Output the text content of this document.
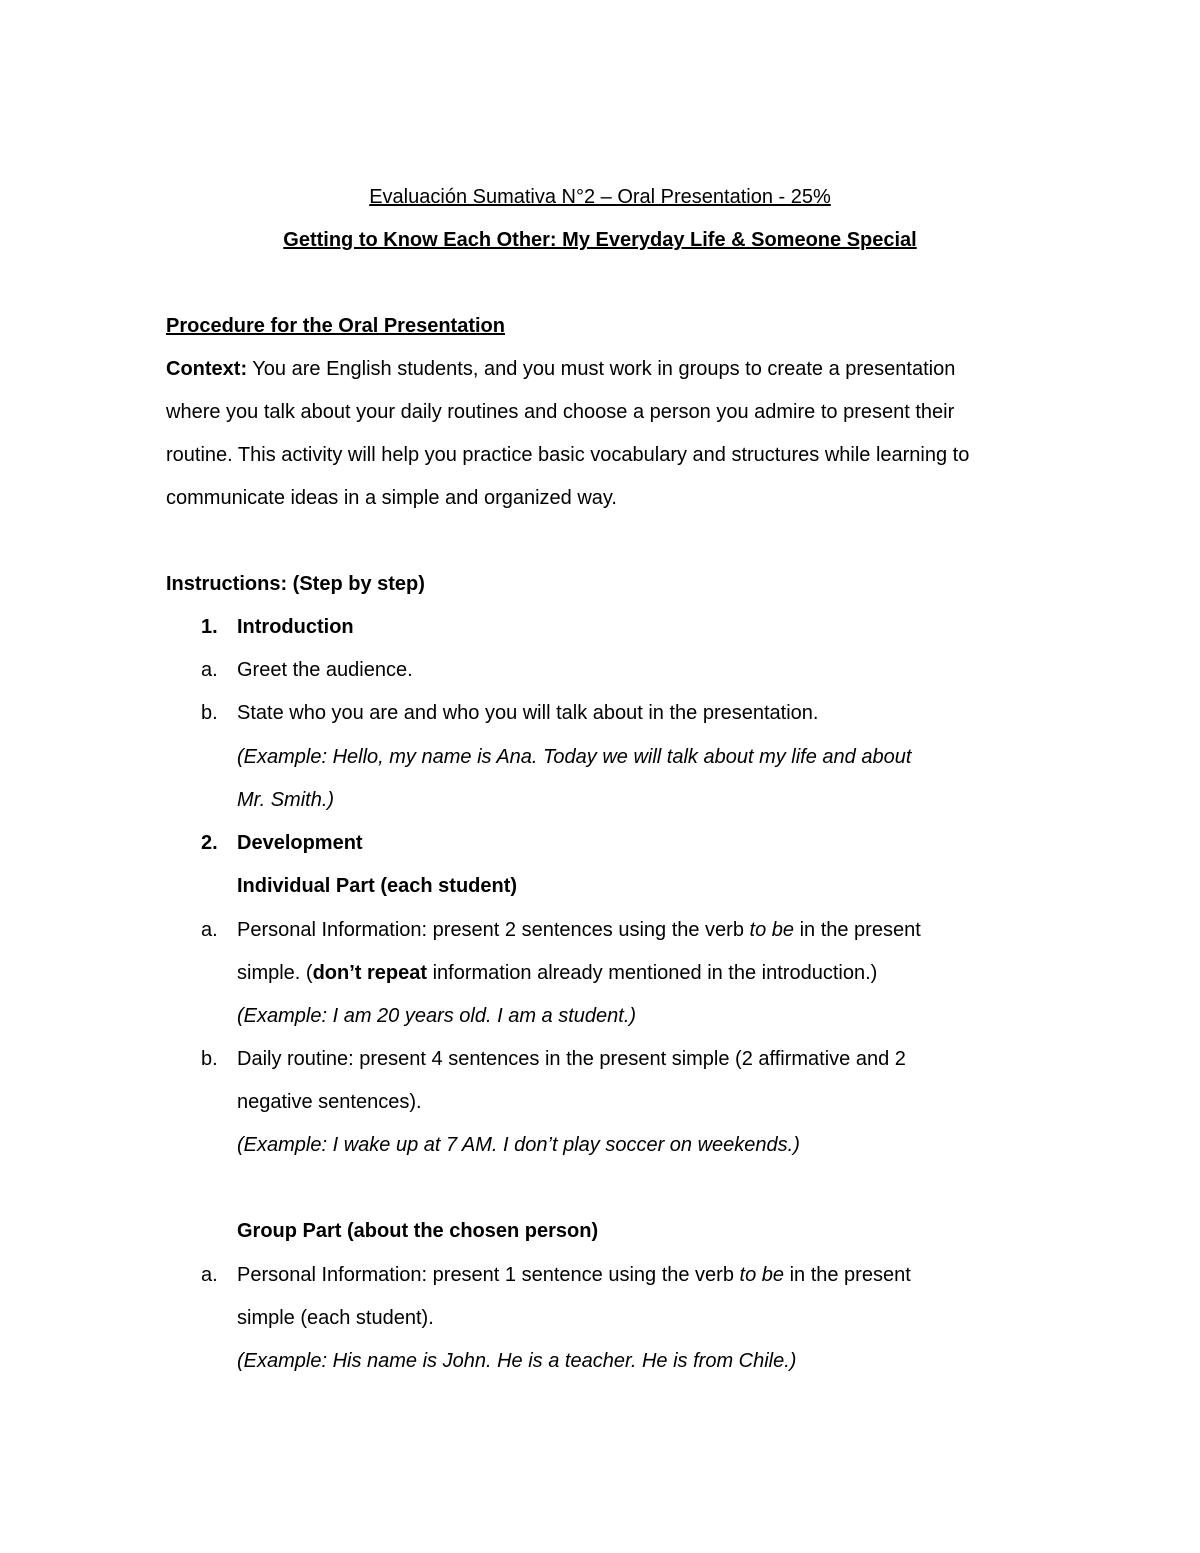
Evaluación Sumativa N°2 – Oral Presentation - 25%
Getting to Know Each Other: My Everyday Life & Someone Special
Procedure for the Oral Presentation
Context: You are English students, and you must work in groups to create a presentation
where you talk about your daily routines and choose a person you admire to present their
routine. This activity will help you practice basic vocabulary and structures while learning to
communicate ideas in a simple and organized way.
Instructions: (Step by step)
1. Introduction
a. Greet the audience.
b. State who you are and who you will talk about in the presentation.
(Example: Hello, my name is Ana. Today we will talk about my life and about
Mr. Smith.)
2. Development
Individual Part (each student)
a. Personal Information: present 2 sentences using the verb to be in the present
simple. (don’t repeat information already mentioned in the introduction.)
(Example: I am 20 years old. I am a student.)
b. Daily routine: present 4 sentences in the present simple (2 affirmative and 2
negative sentences).
(Example: I wake up at 7 AM. I don’t play soccer on weekends.)
Group Part (about the chosen person)
a. Personal Information: present 1 sentence using the verb to be in the present
simple (each student).
(Example: His name is John. He is a teacher. He is from Chile.)
